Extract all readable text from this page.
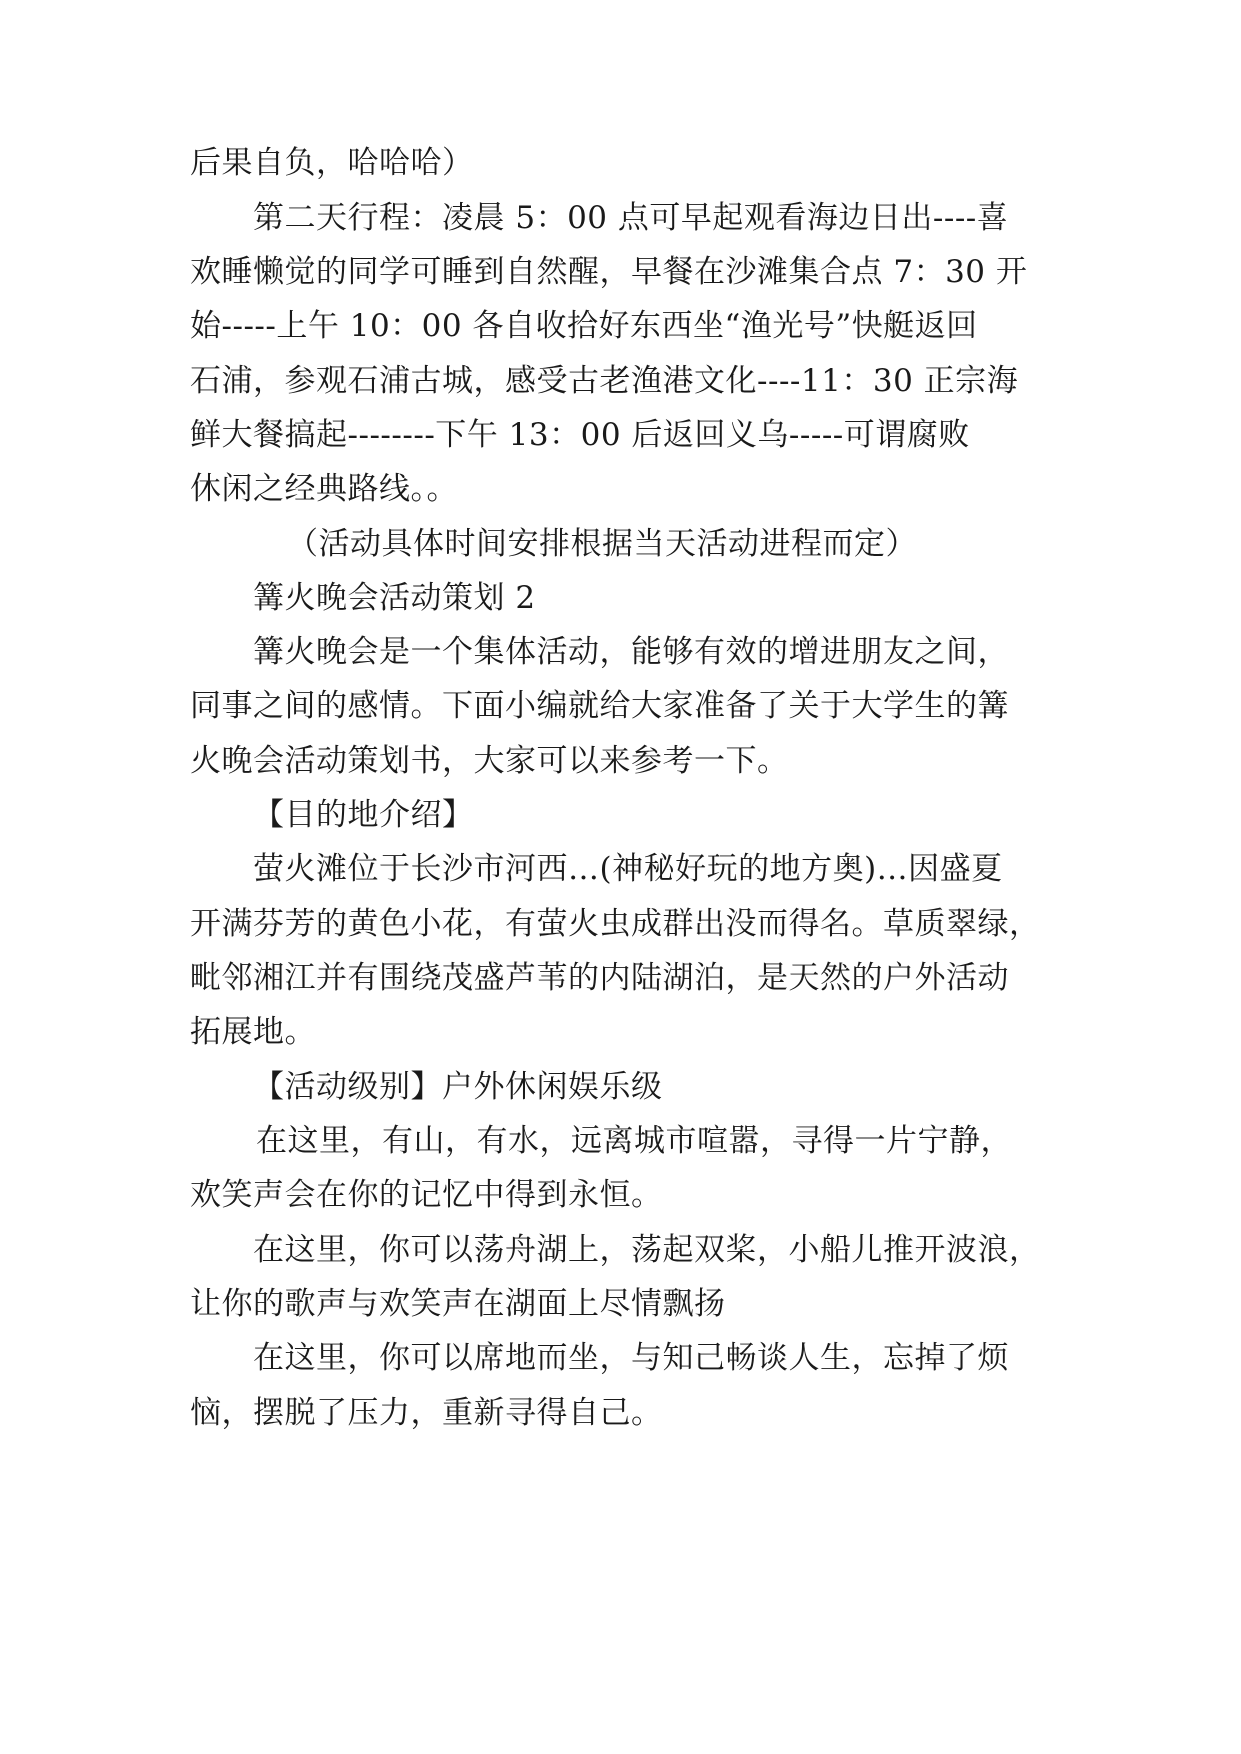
后果自负，哈哈哈）
第二天行程：凌晨 5：00 点可早起观看海边日出----喜
欢睡懒觉的同学可睡到自然醒，早餐在沙滩集合点 7：30 开
始-----上午 10：00 各自收拾好东西坐“渔光号”快艇返回
石浦，参观石浦古城，感受古老渔港文化----11：30 正宗海
鲜大餐搞起--------下午 13：00 后返回义乌-----可谓腐败
休闲之经典路线。。
（活动具体时间安排根据当天活动进程而定）
篝火晚会活动策划 2
篝火晚会是一个集体活动，能够有效的增进朋友之间，
同事之间的感情。下面小编就给大家准备了关于大学生的篝
火晚会活动策划书，大家可以来参考一下。
【目的地介绍】
萤火滩位于长沙市河西…(神秘好玩的地方奥)…因盛夏
开满芬芳的黄色小花，有萤火虫成群出没而得名。草质翠绿，
毗邻湘江并有围绕茂盛芦苇的内陆湖泊，是天然的户外活动
拓展地。
【活动级别】户外休闲娱乐级
在这里，有山，有水，远离城市喧嚣，寻得一片宁静，
欢笑声会在你的记忆中得到永恒。
在这里，你可以荡舟湖上，荡起双桨，小船儿推开波浪，
让你的歌声与欢笑声在湖面上尽情飘扬
在这里，你可以席地而坐，与知己畅谈人生，忘掉了烦
恼，摆脱了压力，重新寻得自己。
